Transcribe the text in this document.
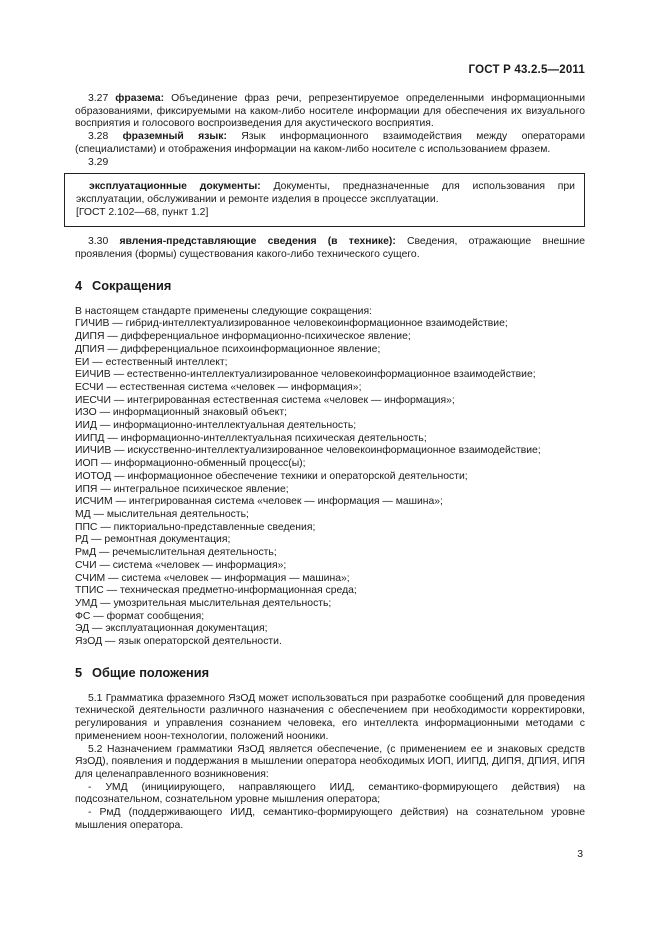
ГОСТ Р 43.2.5—2011

3.27 фразема: Объединение фраз речи, репрезентируемое определенными информационными образованиями, фиксируемыми на каком-либо носителе информации для обеспечения их визуального восприятия и голосового воспроизведения для акустического восприятия.

3.28 фраземный язык: Язык информационного взаимодействия между операторами (специалистами) и отображения информации на каком-либо носителе с использованием фразем.

3.29

эксплуатационные документы: Документы, предназначенные для использования при эксплуатации, обслуживании и ремонте изделия в процессе эксплуатации.

[ГОСТ 2.102—68, пункт 1.2]

3.30 явления-представляющие сведения (в технике): Сведения, отражающие внешние проявления (формы) существования какого-либо технического сущего.

4 Сокращения

В настоящем стандарте применены следующие сокращения:

ГИЧИВ — гибрид-интеллектуализированное человекоинформационное взаимодействие;

ДИПЯ — дифференциальное информационно-психическое явление;

ДПИЯ — дифференциальное психоинформационное явление;

ЕИ — естественный интеллект;

ЕИЧИВ — естественно-интеллектуализированное человекоинформационное взаимодействие;

ЕСЧИ — естественная система «человек — информация»;

ИЕСЧИ — интегрированная естественная система «человек — информация»;

ИЗО — информационный знаковый объект;

ИИД — информационно-интеллектуальная деятельность;

ИИПД — информационно-интеллектуальная психическая деятельность;

ИИЧИВ — искусственно-интеллектуализированное человекоинформационное взаимодействие;

ИОП — информационно-обменный процесс(ы);

ИОТОД — информационное обеспечение техники и операторской деятельности;

ИПЯ — интегральное психическое явление;

ИСЧИМ — интегрированная система «человек — информация — машина»;

МД — мыслительная деятельность;

ППС — пикториально-представленные сведения;

РД — ремонтная документация;

РмД — речемыслительная деятельность;

СЧИ — система «человек — информация»;

СЧИМ — система «человек — информация — машина»;

ТПИС — техническая предметно-информационная среда;

УМД — умозрительная мыслительная деятельность;

ФС — формат сообщения;

ЭД — эксплуатационная документация;

ЯзОД — язык операторской деятельности.

5 Общие положения

5.1 Грамматика фраземного ЯзОД может использоваться при разработке сообщений для проведения технической деятельности различного назначения с обеспечением при необходимости корректировки, регулирования и управления сознанием человека, его интеллекта информационными методами с применением ноон-технологии, положений нооники.

5.2 Назначением грамматики ЯзОД является обеспечение, (с применением ее и знаковых средств ЯзОД), появления и поддержания в мышлении оператора необходимых ИОП, ИИПД, ДИПЯ, ДПИЯ, ИПЯ для целенаправленного возникновения:

- УМД (инициирующего, направляющего ИИД, семантико-формирующего действия) на подсознательном, сознательном уровне мышления оператора;

- РмД (поддерживающего ИИД, семантико-формирующего действия) на сознательном уровне мышления оператора.

3
